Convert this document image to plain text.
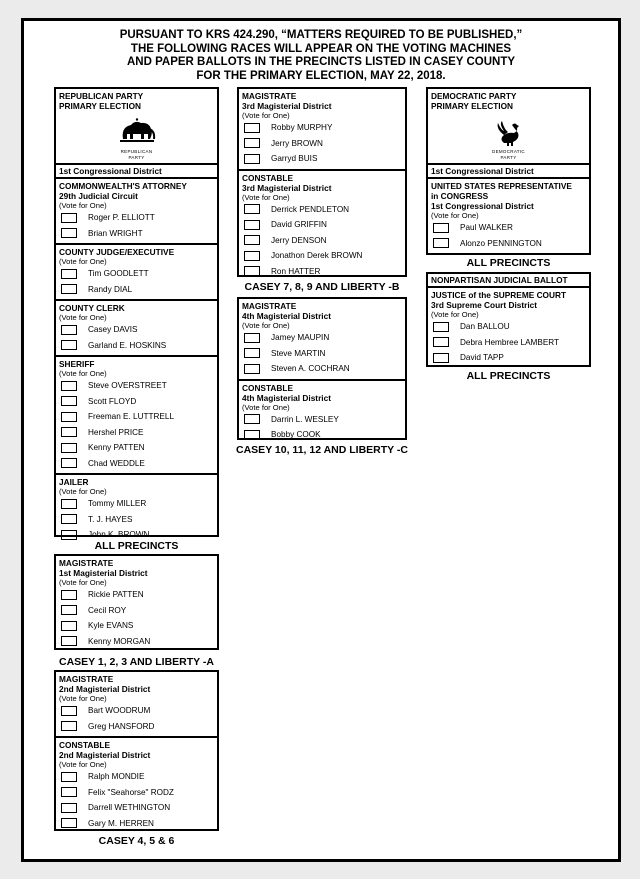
PURSUANT TO KRS 424.290, “MATTERS REQUIRED TO BE PUBLISHED,”
THE FOLLOWING RACES WILL APPEAR ON THE VOTING MACHINES
AND PAPER BALLOTS IN THE PRECINCTS LISTED IN CASEY COUNTY
FOR THE PRIMARY ELECTION, MAY 22, 2018.
REPUBLICAN PARTY
PRIMARY ELECTION
REPUBLICAN
PARTY
1st Congressional District
COMMONWEALTH'S ATTORNEY
29th Judicial Circuit
(Vote for One)
Roger P. ELLIOTT
Brian WRIGHT
COUNTY JUDGE/EXECUTIVE
(Vote for One)
Tim GOODLETT
Randy DIAL
COUNTY CLERK
(Vote for One)
Casey DAVIS
Garland E. HOSKINS
SHERIFF
(Vote for One)
Steve OVERSTREET
Scott FLOYD
Freeman E. LUTTRELL
Hershel PRICE
Kenny PATTEN
Chad WEDDLE
JAILER
(Vote for One)
Tommy MILLER
T. J. HAYES
John K. BROWN
ALL PRECINCTS
MAGISTRATE
1st Magisterial District
(Vote for One)
Rickie PATTEN
Cecil ROY
Kyle EVANS
Kenny MORGAN
CASEY 1, 2, 3 AND LIBERTY -A
MAGISTRATE
2nd Magisterial District
(Vote for One)
Bart WOODRUM
Greg HANSFORD
CONSTABLE
2nd Magisterial District
(Vote for One)
Ralph MONDIE
Felix "Seahorse" RODZ
Darrell WETHINGTON
Gary M. HERREN
CASEY 4, 5 & 6
MAGISTRATE
3rd Magisterial District
(Vote for One)
Robby MURPHY
Jerry BROWN
Garryd BUIS
CONSTABLE
3rd Magisterial District
(Vote for One)
Derrick PENDLETON
David GRIFFIN
Jerry DENSON
Jonathon Derek BROWN
Ron HATTER
CASEY 7, 8, 9 AND LIBERTY -B
MAGISTRATE
4th Magisterial District
(Vote for One)
Jamey MAUPIN
Steve MARTIN
Steven A. COCHRAN
CONSTABLE
4th Magisterial District
(Vote for One)
Darrin L. WESLEY
Bobby COOK
CASEY 10, 11, 12 AND LIBERTY -C
DEMOCRATIC PARTY
PRIMARY ELECTION
DEMOCRATIC
PARTY
1st Congressional District
UNITED STATES REPRESENTATIVE
in CONGRESS
1st Congressional District
(Vote for One)
Paul WALKER
Alonzo PENNINGTON
ALL PRECINCTS
NONPARTISAN JUDICIAL BALLOT
JUSTICE of the SUPREME COURT
3rd Supreme Court District
(Vote for One)
Dan BALLOU
Debra Hembree LAMBERT
David TAPP
ALL PRECINCTS
